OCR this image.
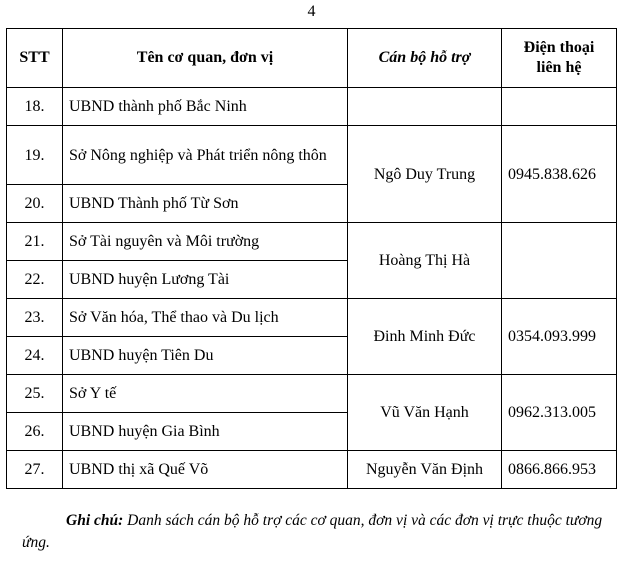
4
STT	Tên cơ quan, đơn vị	Cán bộ hỗ trợ	Điện thoại
liên hệ
18.	UBND thành phố Bắc Ninh		
19.	Sở Nông nghiệp và Phát triển nông thôn	Ngô Duy Trung	0945.838.626
20.	UBND Thành phố Từ Sơn		
21.	Sở Tài nguyên và Môi trường	Hoàng Thị Hà	
22.	UBND huyện Lương Tài		
23.	Sở Văn hóa, Thể thao và Du lịch	Đinh Minh Đức	0354.093.999
24.	UBND huyện Tiên Du		
25.	Sở Y tế	Vũ Văn Hạnh	0962.313.005
26.	UBND huyện Gia Bình		
27.	UBND thị xã Quế Võ	Nguyễn Văn Định	0866.866.953

Ghi chú: Danh sách cán bộ hỗ trợ các cơ quan, đơn vị và các đơn vị trực thuộc tương ứng.
